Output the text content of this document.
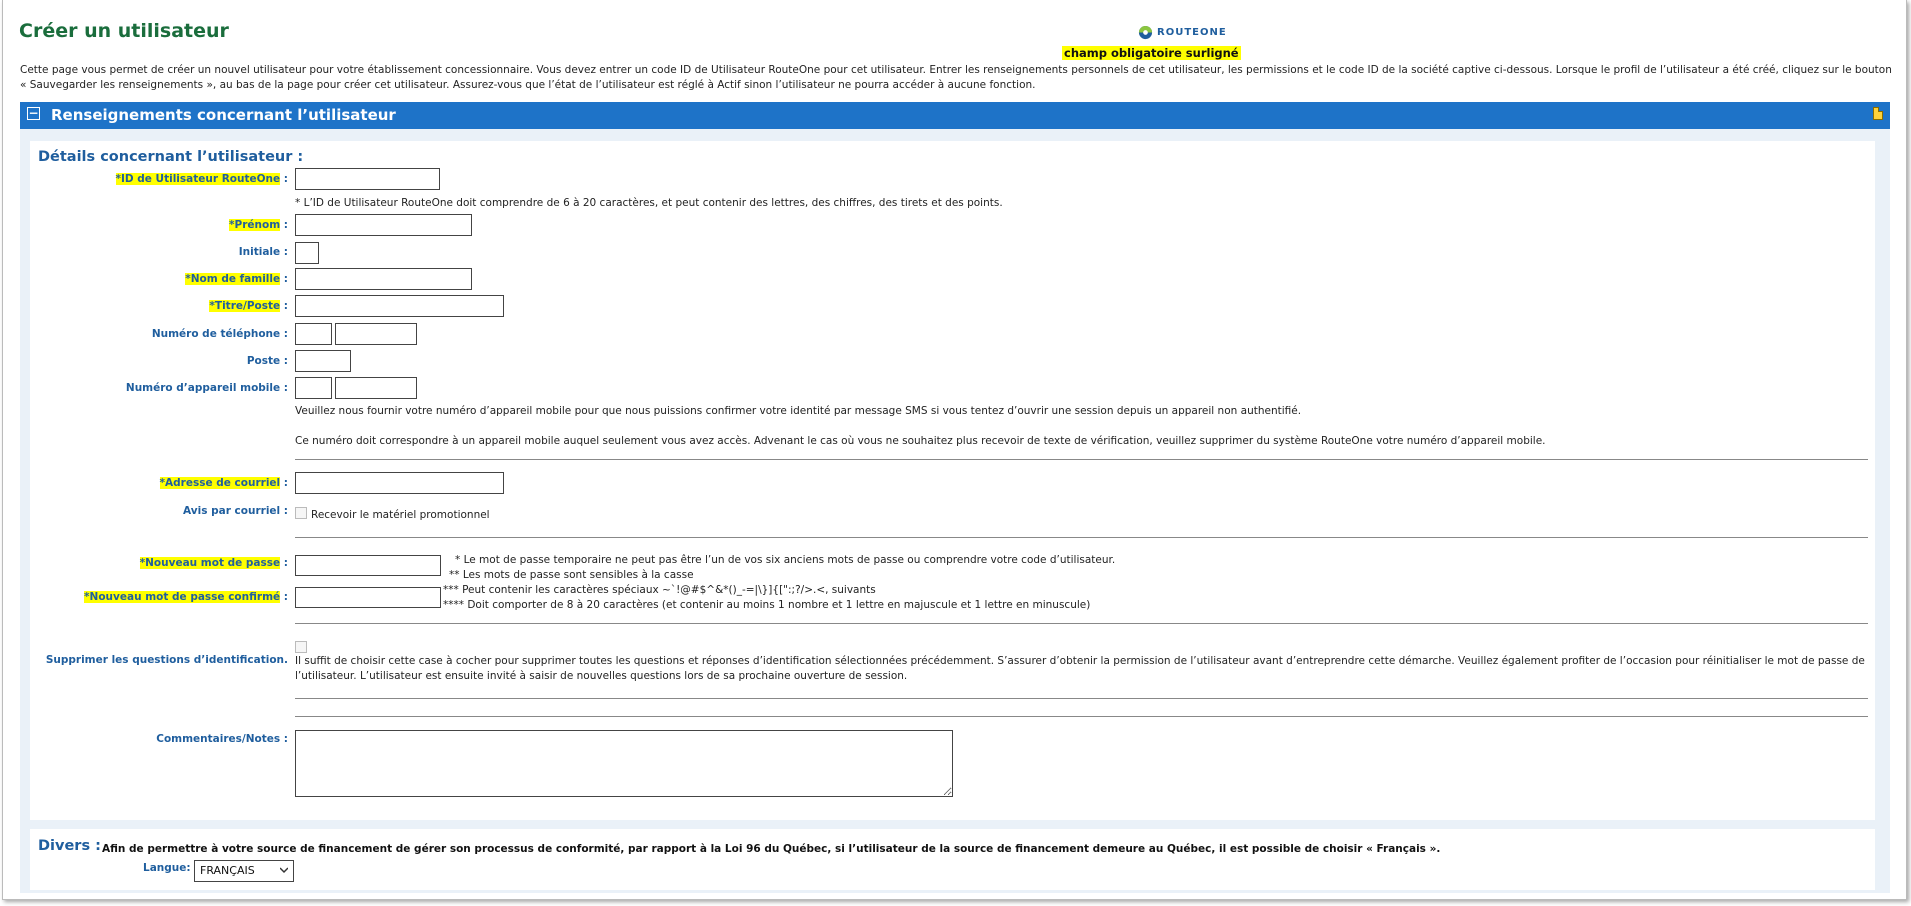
Créer un utilisateur	ROUTEONE
champ obligatoire surligné

Cette page vous permet de créer un nouvel utilisateur pour votre établissement concessionnaire. Vous devez entrer un code ID de Utilisateur RouteOne pour cet utilisateur. Entrer les renseignements personnels de cet utilisateur, les permissions et le code ID de la société captive ci-dessous. Lorsque le profil de l’utilisateur a été créé, cliquez sur le bouton
« Sauvegarder les renseignements », au bas de la page pour créer cet utilisateur. Assurez-vous que l’état de l’utilisateur est réglé à Actif sinon l’utilisateur ne pourra accéder à aucune fonction.

− Renseignements concernant l’utilisateur
Détails concernant l’utilisateur :
*ID de Utilisateur RouteOne :
* L’ID de Utilisateur RouteOne doit comprendre de 6 à 20 caractères, et peut contenir des lettres, des chiffres, des tirets et des points.
*Prénom :
Initiale :
*Nom de famille :
*Titre/Poste :
Numéro de téléphone :
Poste :
Numéro d’appareil mobile :
Veuillez nous fournir votre numéro d’appareil mobile pour que nous puissions confirmer votre identité par message SMS si vous tentez d’ouvrir une session depuis un appareil non authentifié.
Ce numéro doit correspondre à un appareil mobile auquel seulement vous avez accès. Advenant le cas où vous ne souhaitez plus recevoir de texte de vérification, veuillez supprimer du système RouteOne votre numéro d’appareil mobile.
*Adresse de courriel :
Avis par courriel : Recevoir le matériel promotionnel
*Nouveau mot de passe :
*Nouveau mot de passe confirmé :
* Le mot de passe temporaire ne peut pas être l’un de vos six anciens mots de passe ou comprendre votre code d’utilisateur.
** Les mots de passe sont sensibles à la casse
*** Peut contenir les caractères spéciaux ~`!@#$^&*()_-=|\}]{[":;?/>.<, suivants
**** Doit comporter de 8 à 20 caractères (et contenir au moins 1 nombre et 1 lettre en majuscule et 1 lettre en minuscule)
Supprimer les questions d’identification. Il suffit de choisir cette case à cocher pour supprimer toutes les questions et réponses d’identification sélectionnées précédemment. S’assurer d’obtenir la permission de l’utilisateur avant d’entreprendre cette démarche. Veuillez également profiter de l’occasion pour réinitialiser le mot de passe de
l’utilisateur. L’utilisateur est ensuite invité à saisir de nouvelles questions lors de sa prochaine ouverture de session.
Commentaires/Notes :
Divers : Afin de permettre à votre source de financement de gérer son processus de conformité, par rapport à la Loi 96 du Québec, si l’utilisateur de la source de financement demeure au Québec, il est possible de choisir « Français ».
Langue: FRANÇAIS
